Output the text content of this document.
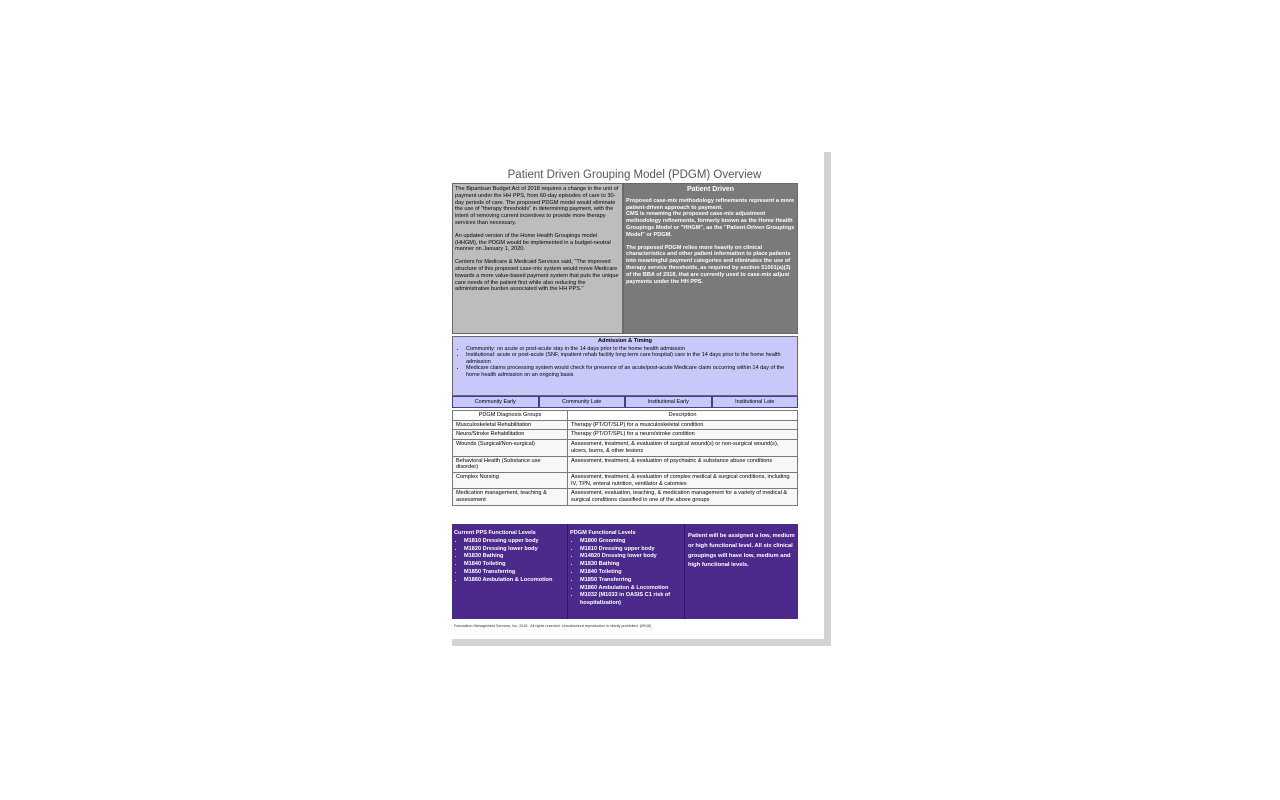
Patient Driven Grouping Model (PDGM) Overview

The Bipartisan Budget Act of 2018 requires a change in the unit of payment under the HH PPS, from 60-day episodes of care to 30-day periods of care. The proposed PDGM model would eliminate the use of "therapy thresholds" in determining payment, with the intent of removing current incentives to provide more therapy services than necessary.

An updated version of the Home Health Groupings model (HHGM), the PDGM would be implemented in a budget-neutral manner on January 1, 2020.

Centers for Medicare & Medicaid Services said, "The improved structure of this proposed case-mix system would move Medicare towards a more value-based payment system that puts the unique care needs of the patient first while also reducing the administrative burden associated with the HH PPS."

Patient Driven
Proposed case-mix methodology refinements represent a more patient-driven approach to payment.

CMS is renaming the proposed case-mix adjustment methodology refinements, formerly known as the Home Health Groupings Model or "HHGM", as the "Patient-Driven Groupings Model" or PDGM.

The proposed PDGM relies more heavily on clinical characteristics and other patient information to place patients into meaningful payment categories and eliminates the use of therapy service thresholds, as required by section 51001(a)(3) of the BBA of 2018, that are currently used to case-mix adjust payments under the HH PPS.

Admission & Timing
• Community: no acute or post-acute stay in the 14 days prior to the home health admission
• Institutional: acute or post-acute (SNF, inpatient rehab facility long term care hospital) care in the 14 days prior to the home health admission
• Medicare claims processing system would check for presence of an acute/post-acute Medicare claim occurring within 14 day of the home health admission on an ongoing basis
Community Early	Community Late	Institutional Early	Institutional Late
PDGM Diagnosis Groups	Description
Musculoskeletal Rehabilitation	Therapy (PT/OT/SLP) for a musculoskeletal condition
Neuro/Stroke Rehabilitation	Therapy (PT/OT/SPL) for a neuro/stroke condition
Wounds (Surgical/Non-surgical)	Assessment, treatment, & evaluation of surgical wound(s) or non-surgical wound(s), ulcers, burns, & other lesions
Behavioral Health (Substance use disorder)	Assessment, treatment, & evaluation of psychiatric & substance abuse conditions
Complex Nursing	Assessment, treatment, & evaluation of complex medical & surgical conditions, including IV, TPN, enteral nutrition, ventilator & catomies
Medication management, teaching & assessment	Assessment, evaluation, teaching, & medication management for a variety of medical & surgical conditions classified in one of the above groups
Current PPS Functional Levels
• M1810 Dressing upper body
• M1820 Dressing lower body
• M1830 Bathing
• M1840 Toileting
• M1850 Transferring
• M1860 Ambulation & Locomotion
PDGM Functional Levels
• M1800 Grooming
• M1810 Dressing upper body
• M14820 Dressing lower body
• M1830 Bathing
• M1840 Toileting
• M1850 Transferring
• M1860 Ambulation & Locomotion
• M1032 (M1033 in OASIS C1 risk of hospitalization)
Patient will be assigned a low, medium or high functional level. All six clinical groupings will have low, medium and high functional levels.
Foundation Management Services, Inc. 2018 . All rights reserved. Unauthorized reproduction is strictly prohibited. (09/18)
